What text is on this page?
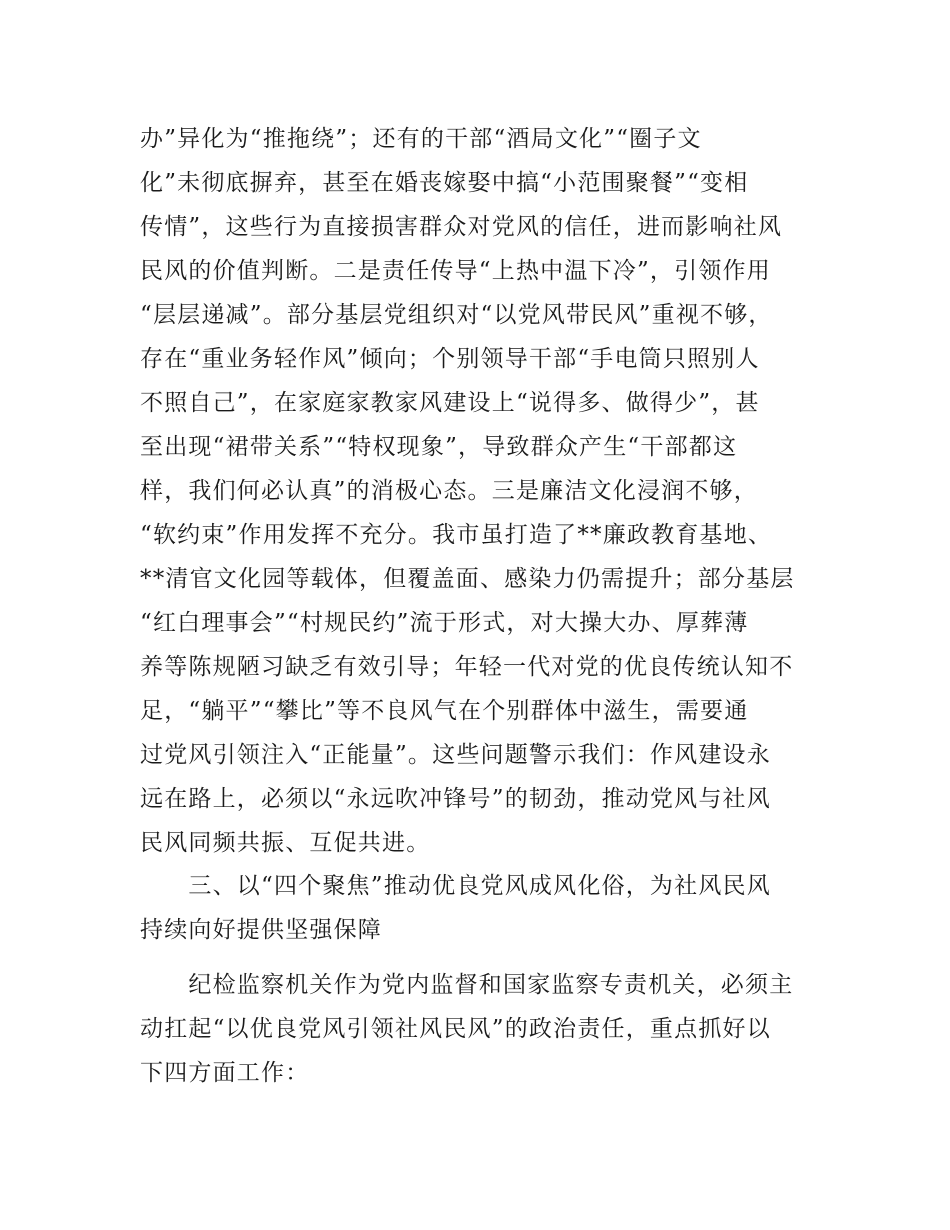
办”异化为“推拖绕”；还有的干部“酒局文化”“圈子文
化”未彻底摒弃，甚至在婚丧嫁娶中搞“小范围聚餐”“变相
传情”，这些行为直接损害群众对党风的信任，进而影响社风
民风的价值判断。二是责任传导“上热中温下冷”，引领作用
“层层递减”。部分基层党组织对“以党风带民风”重视不够，
存在“重业务轻作风”倾向；个别领导干部“手电筒只照别人
不照自己”，在家庭家教家风建设上“说得多、做得少”，甚
至出现“裙带关系”“特权现象”，导致群众产生“干部都这
样，我们何必认真”的消极心态。三是廉洁文化浸润不够，
“软约束”作用发挥不充分。我市虽打造了**廉政教育基地、
**清官文化园等载体，但覆盖面、感染力仍需提升；部分基层
“红白理事会”“村规民约”流于形式，对大操大办、厚葬薄
养等陈规陋习缺乏有效引导；年轻一代对党的优良传统认知不
足，“躺平”“攀比”等不良风气在个别群体中滋生，需要通
过党风引领注入“正能量”。这些问题警示我们：作风建设永
远在路上，必须以“永远吹冲锋号”的韧劲，推动党风与社风
民风同频共振、互促共进。
　　三、以“四个聚焦”推动优良党风成风化俗，为社风民风
持续向好提供坚强保障
　　纪检监察机关作为党内监督和国家监察专责机关，必须主
动扛起“以优良党风引领社风民风”的政治责任，重点抓好以
下四方面工作：
